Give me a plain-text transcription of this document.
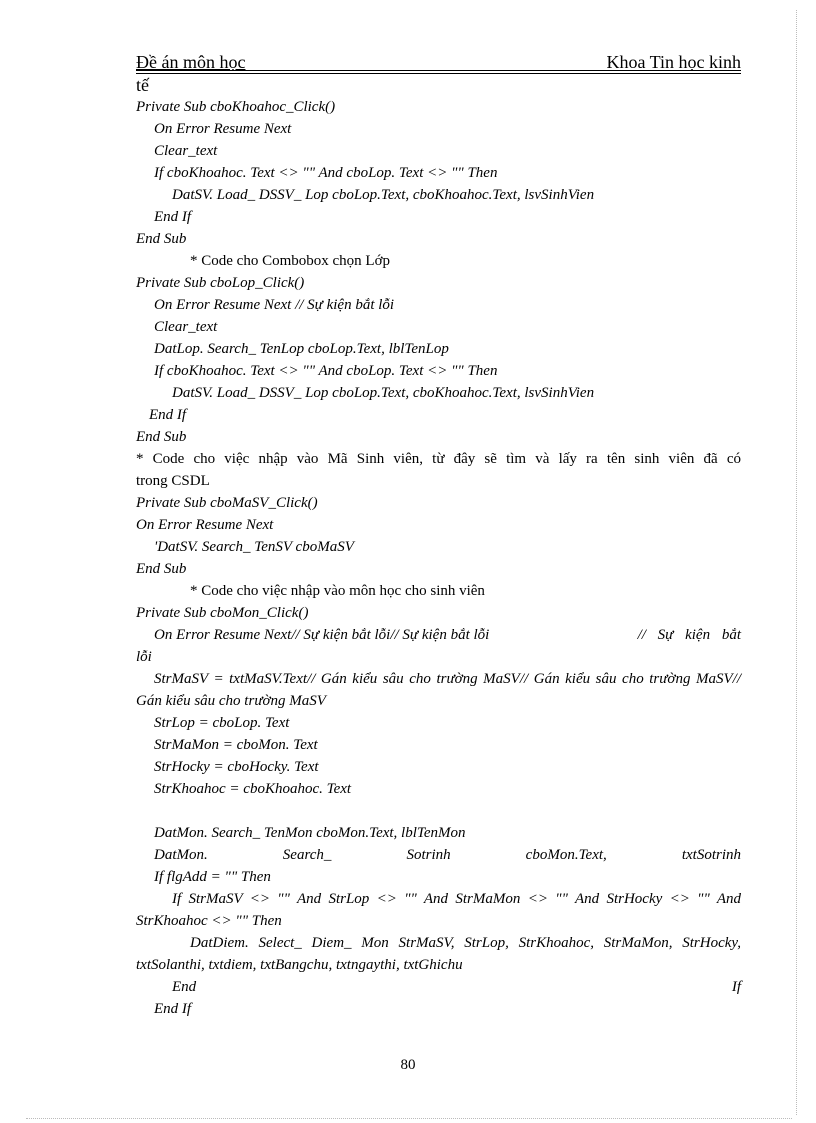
Đề án môn học	Khoa Tin học kinh
tế
Private Sub cboKhoahoc_Click()
On Error Resume Next
Clear_text
If cboKhoahoc. Text <> "" And cboLop. Text <> "" Then
DatSV. Load_ DSSV_ Lop cboLop.Text, cboKhoahoc.Text, lsvSinhVien
End If
End Sub
* Code cho Combobox chọn Lớp
Private Sub cboLop_Click()
On Error Resume Next // Sự kiện bắt lỗi
Clear_text
DatLop. Search_ TenLop cboLop.Text, lblTenLop
If cboKhoahoc. Text <> "" And cboLop. Text <> "" Then
DatSV. Load_ DSSV_ Lop cboLop.Text, cboKhoahoc.Text, lsvSinhVien
End If
End Sub
* Code cho việc nhập vào Mã Sinh viên, từ đây sẽ tìm và lấy ra tên sinh viên đã có
trong CSDL
Private Sub cboMaSV_Click()
On Error Resume Next
'DatSV. Search_ TenSV cboMaSV
End Sub
* Code cho việc nhập vào môn học cho sinh viên
Private Sub cboMon_Click()
On Error Resume Next// Sự kiện bắt lỗi// Sự kiện bắt lỗi	// Sự kiện bắt
lỗi
StrMaSV = txtMaSV.Text// Gán kiểu sâu cho trường MaSV// Gán kiểu sâu cho trường MaSV// Gán kiểu sâu cho trường MaSV
StrLop = cboLop. Text
StrMaMon = cboMon. Text
StrHocky = cboHocky. Text
StrKhoahoc = cboKhoahoc. Text
DatMon. Search_ TenMon cboMon.Text, lblTenMon
DatMon. Search_ Sotrinh cboMon.Text, txtSotrinh
If flgAdd = "" Then
If StrMaSV <> "" And StrLop <> "" And StrMaMon <> "" And StrHocky <> "" And StrKhoahoc <> "" Then
DatDiem. Select_ Diem_ Mon StrMaSV, StrLop, StrKhoahoc, StrMaMon, StrHocky, txtSolanthi, txtdiem, txtBangchu, txtngaythi, txtGhichu
End If
End If
80
